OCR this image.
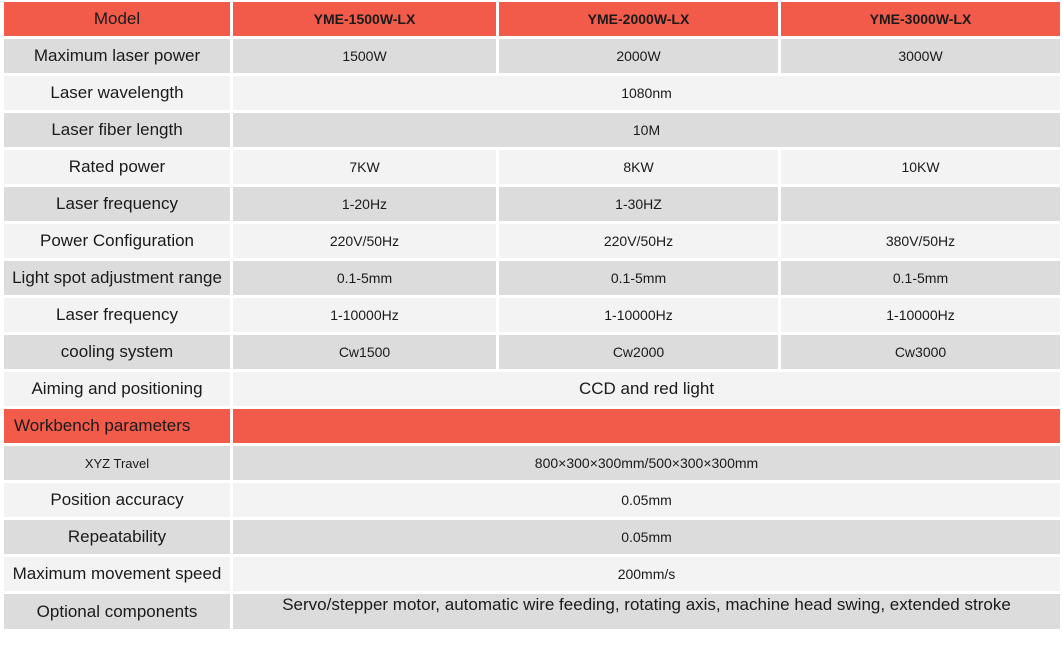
Model	YME-1500W-LX	YME-2000W-LX	YME-3000W-LX
Maximum laser power	1500W	2000W	3000W
Laser wavelength	1080nm		
Laser fiber length	10M		
Rated power	7KW	8KW	10KW
Laser frequency	1-20Hz	1-30HZ	
Power Configuration	220V/50Hz	220V/50Hz	380V/50Hz
Light spot adjustment range	0.1-5mm	0.1-5mm	0.1-5mm
Laser frequency	1-10000Hz	1-10000Hz	1-10000Hz
cooling system	Cw1500	Cw2000	Cw3000
Aiming and positioning	CCD and red light		
Workbench parameters			
XYZ Travel	800×300×300mm/500×300×300mm		
Position accuracy	0.05mm		
Repeatability	0.05mm		
Maximum movement speed	200mm/s		
Optional components	Servo/stepper motor, automatic wire feeding, rotating axis, machine head swing, extended stroke		
